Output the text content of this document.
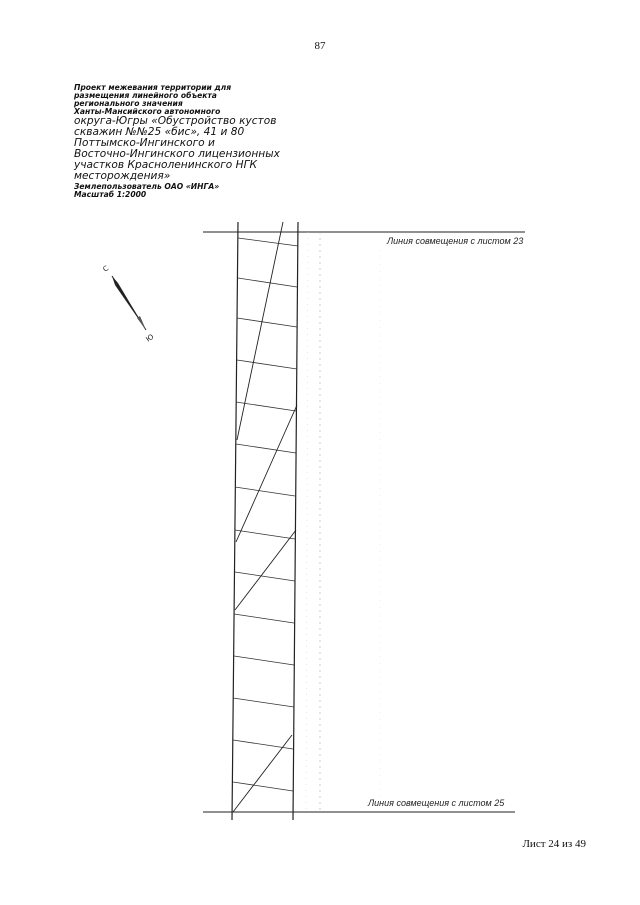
87
Проект межевания территории для
размещения линейного объекта
регионального значения
Ханты-Мансийского автономного
округа-Югры «Обустройство кустов
скважин №№25 «бис», 41 и 80
Поттымско-Ингинского и
Восточно-Ингинского лицензионных
участков Красноленинского НГК
месторождения»
Землепользователь ОАО «ИНГА»
Масштаб 1:2000
С
Ю
Линия совмещения с листом 23
Линия совмещения с листом 25
Лист 24 из 49
